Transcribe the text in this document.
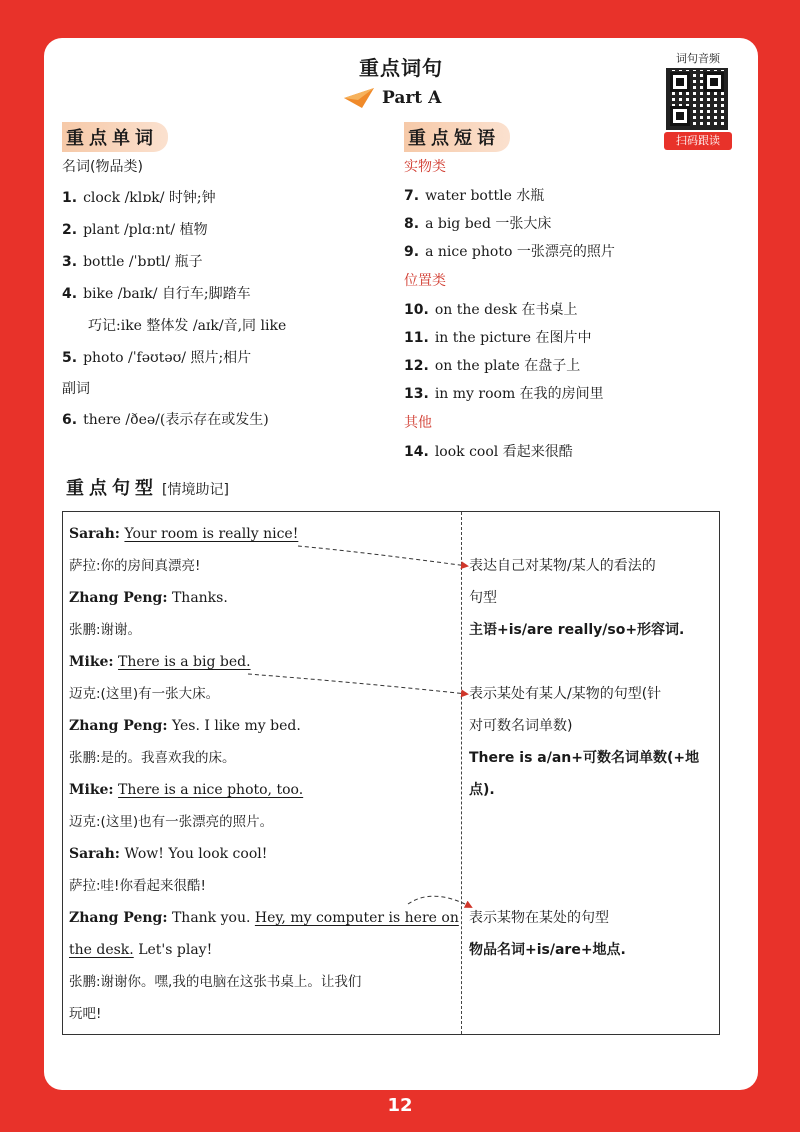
重点词句	词句音频
扫码跟读
Part A
重点单词
名词(物品类)
1. clock /klɒk/ 时钟;钟
2. plant /plɑːnt/ 植物
3. bottle /ˈbɒtl/ 瓶子
4. bike /baɪk/ 自行车;脚踏车
巧记:ike 整体发 /aɪk/音,同 like
5. photo /ˈfəʊtəʊ/ 照片;相片
副词
6. there /ðeə/(表示存在或发生)
重点短语
实物类
7. water bottle 水瓶
8. a big bed 一张大床
9. a nice photo 一张漂亮的照片
位置类
10. on the desk 在书桌上
11. in the picture 在图片中
12. on the plate 在盘子上
13. in my room 在我的房间里
其他
14. look cool 看起来很酷
重点句型 [情境助记]
Sarah: Your room is really nice!
萨拉:你的房间真漂亮!
Zhang Peng: Thanks.
张鹏:谢谢。
Mike: There is a big bed.
迈克:(这里)有一张大床。
Zhang Peng: Yes. I like my bed.
张鹏:是的。我喜欢我的床。
Mike: There is a nice photo, too.
迈克:(这里)也有一张漂亮的照片。
Sarah: Wow! You look cool!
萨拉:哇!你看起来很酷!
Zhang Peng: Thank you. Hey, my computer is here on
the desk. Let's play!
张鹏:谢谢你。嘿,我的电脑在这张书桌上。让我们
玩吧!
表达自己对某物/某人的看法的
句型
主语+is/are really/so+形容词.
表示某处有某人/某物的句型(针
对可数名词单数)
There is a/an+可数名词单数(+地
点).
表示某物在某处的句型
物品名词+is/are+地点.
12
